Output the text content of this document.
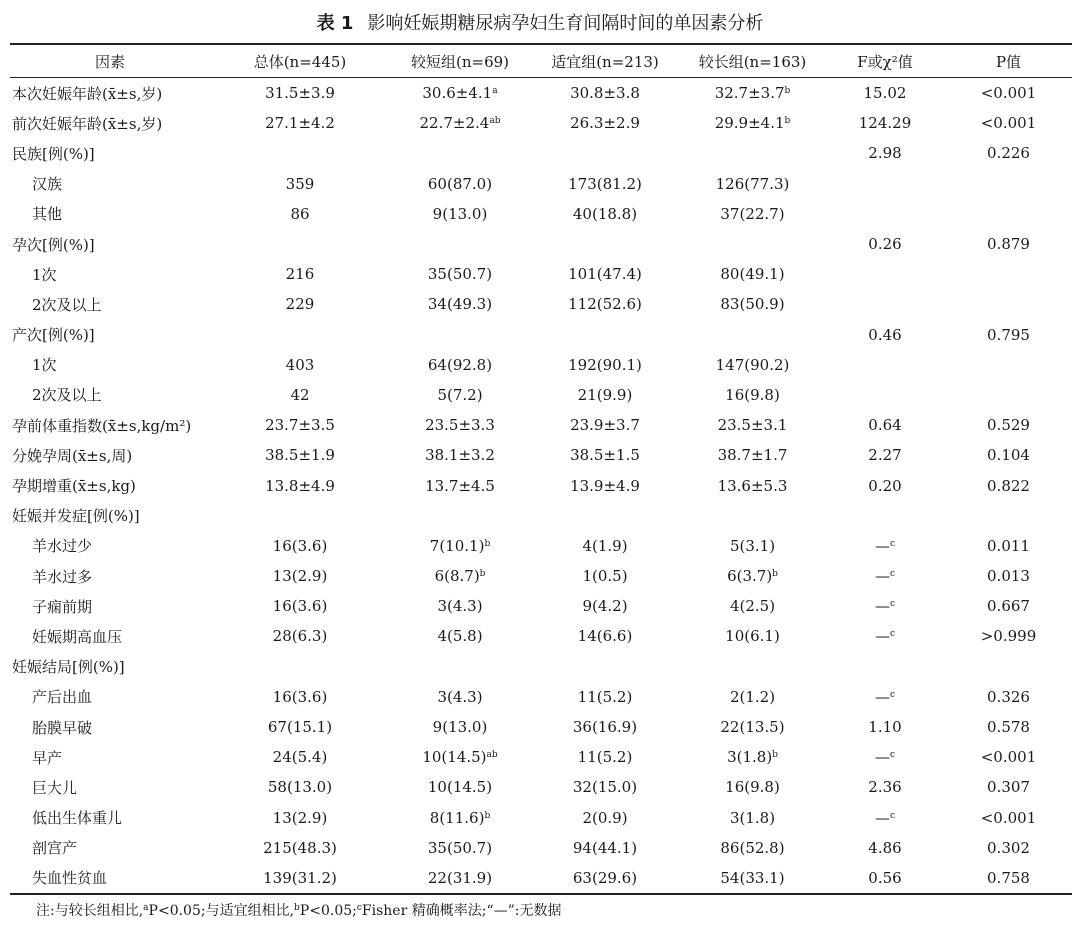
表 1 影响妊娠期糖尿病孕妇生育间隔时间的单因素分析
因素	总体(n=445)	较短组(n=69)	适宜组(n=213)	较长组(n=163)	F或χ²值	P值
本次妊娠年龄(x̄±s,岁)	31.5±3.9	30.6±4.1$^a$	30.8±3.8	32.7±3.7$^b$	15.02	<0.001
前次妊娠年龄(x̄±s,岁)	27.1±4.2	22.7±2.4$^{ab}$	26.3±2.9	29.9±4.1$^b$	124.29	<0.001
民族[例(%)]					2.98	0.226
汉族	359	60(87.0)	173(81.2)	126(77.3)		
其他	86	9(13.0)	40(18.8)	37(22.7)		
孕次[例(%)]					0.26	0.879
1次	216	35(50.7)	101(47.4)	80(49.1)		
2次及以上	229	34(49.3)	112(52.6)	83(50.9)		
产次[例(%)]					0.46	0.795
1次	403	64(92.8)	192(90.1)	147(90.2)		
2次及以上	42	5(7.2)	21(9.9)	16(9.8)		
孕前体重指数(x̄±s,kg/m²)	23.7±3.5	23.5±3.3	23.9±3.7	23.5±3.1	0.64	0.529
分娩孕周(x̄±s,周)	38.5±1.9	38.1±3.2	38.5±1.5	38.7±1.7	2.27	0.104
孕期增重(x̄±s,kg)	13.8±4.9	13.7±4.5	13.9±4.9	13.6±5.3	0.20	0.822
妊娠并发症[例(%)]						
羊水过少	16(3.6)	$7(10.1)^b$	4(1.9)	5(3.1)	—$^c$	0.011
羊水过多	13(2.9)	$6(8.7)^b$	1(0.5)	$6(3.7)^b$	—$^c$	0.013
子痫前期	16(3.6)	3(4.3)	9(4.2)	4(2.5)	—$^c$	0.667
妊娠期高血压	28(6.3)	4(5.8)	14(6.6)	10(6.1)	—$^c$	>0.999
妊娠结局[例(%)]						
产后出血	16(3.6)	3(4.3)	11(5.2)	2(1.2)	—$^c$	0.326
胎膜早破	67(15.1)	9(13.0)	36(16.9)	22(13.5)	1.10	0.578
早产	24(5.4)	$10(14.5)^{ab}$	11(5.2)	$3(1.8)^b$	—$^c$	<0.001
巨大儿	58(13.0)	10(14.5)	32(15.0)	16(9.8)	2.36	0.307
低出生体重儿	13(2.9)	$8(11.6)^b$	2(0.9)	3(1.8)	—$^c$	<0.001
剖宫产	215(48.3)	35(50.7)	94(44.1)	86(52.8)	4.86	0.302
失血性贫血	139(31.2)	22(31.9)	63(29.6)	54(33.1)	0.56	0.758
注:与较长组相比,$^a$P<0.05;与适宜组相比,$^b$P<0.05;$^c$Fisher 精确概率法;“—”:无数据
